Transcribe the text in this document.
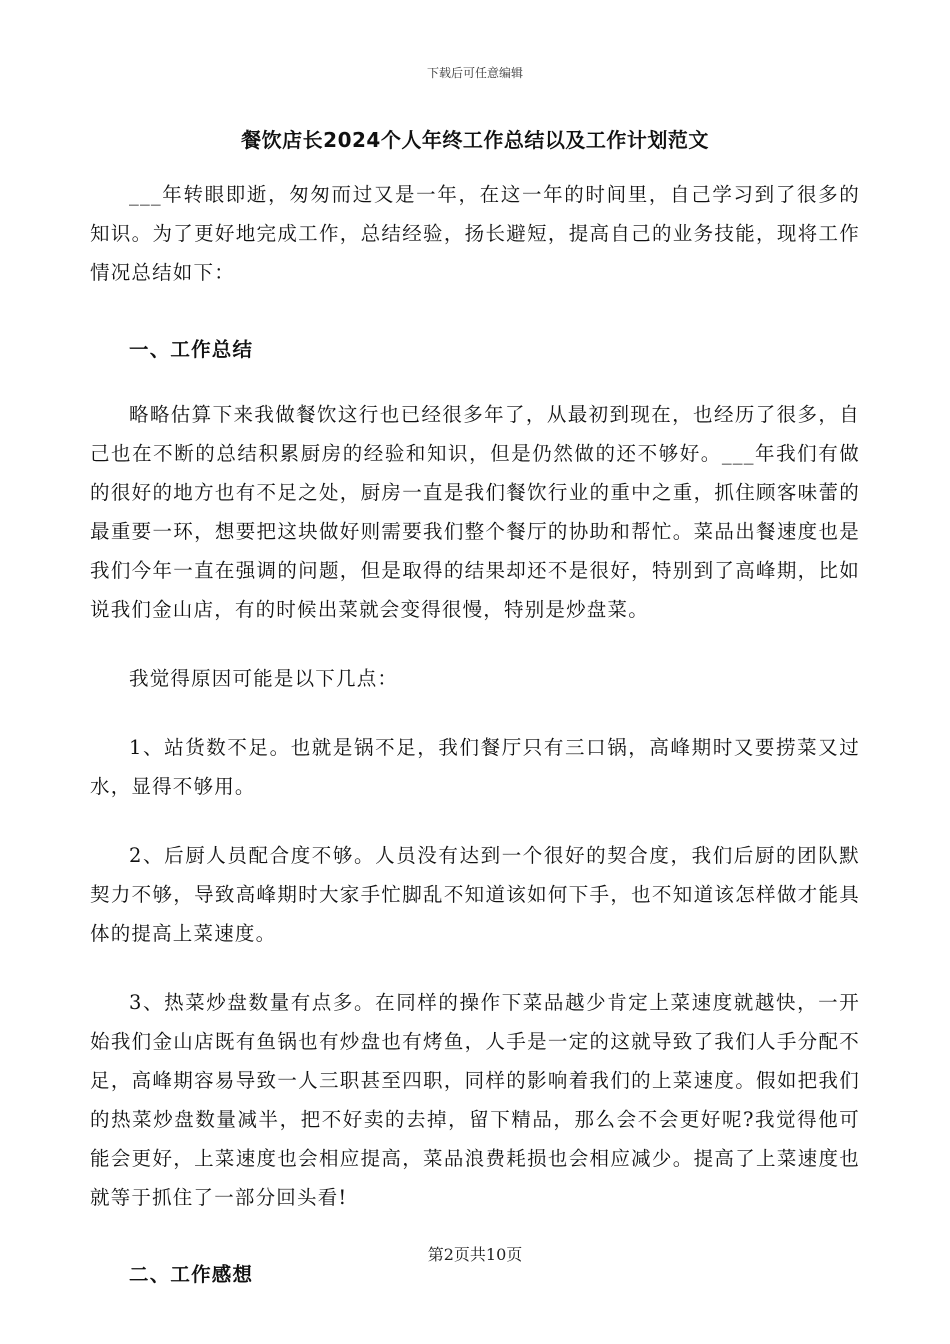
下载后可任意编辑
餐饮店长2024个人年终工作总结以及工作计划范文

___年转眼即逝，匆匆而过又是一年，在这一年的时间里，自己学习到了很多的知识。为了更好地完成工作，总结经验，扬长避短，提高自己的业务技能，现将工作情况总结如下：

一、工作总结

略略估算下来我做餐饮这行也已经很多年了，从最初到现在，也经历了很多，自己也在不断的总结积累厨房的经验和知识，但是仍然做的还不够好。___年我们有做的很好的地方也有不足之处，厨房一直是我们餐饮行业的重中之重，抓住顾客味蕾的最重要一环，想要把这块做好则需要我们整个餐厅的协助和帮忙。菜品出餐速度也是我们今年一直在强调的问题，但是取得的结果却还不是很好，特别到了高峰期，比如说我们金山店，有的时候出菜就会变得很慢，特别是炒盘菜。

我觉得原因可能是以下几点：

1、站货数不足。也就是锅不足，我们餐厅只有三口锅，高峰期时又要捞菜又过水，显得不够用。

2、后厨人员配合度不够。人员没有达到一个很好的契合度，我们后厨的团队默契力不够，导致高峰期时大家手忙脚乱不知道该如何下手，也不知道该怎样做才能具体的提高上菜速度。

3、热菜炒盘数量有点多。在同样的操作下菜品越少肯定上菜速度就越快，一开始我们金山店既有鱼锅也有炒盘也有烤鱼，人手是一定的这就导致了我们人手分配不足，高峰期容易导致一人三职甚至四职，同样的影响着我们的上菜速度。假如把我们的热菜炒盘数量减半，把不好卖的去掉，留下精品，那么会不会更好呢?我觉得他可能会更好，上菜速度也会相应提高，菜品浪费耗损也会相应减少。提高了上菜速度也就等于抓住了一部分回头看!

二、工作感想
第2页共10页
